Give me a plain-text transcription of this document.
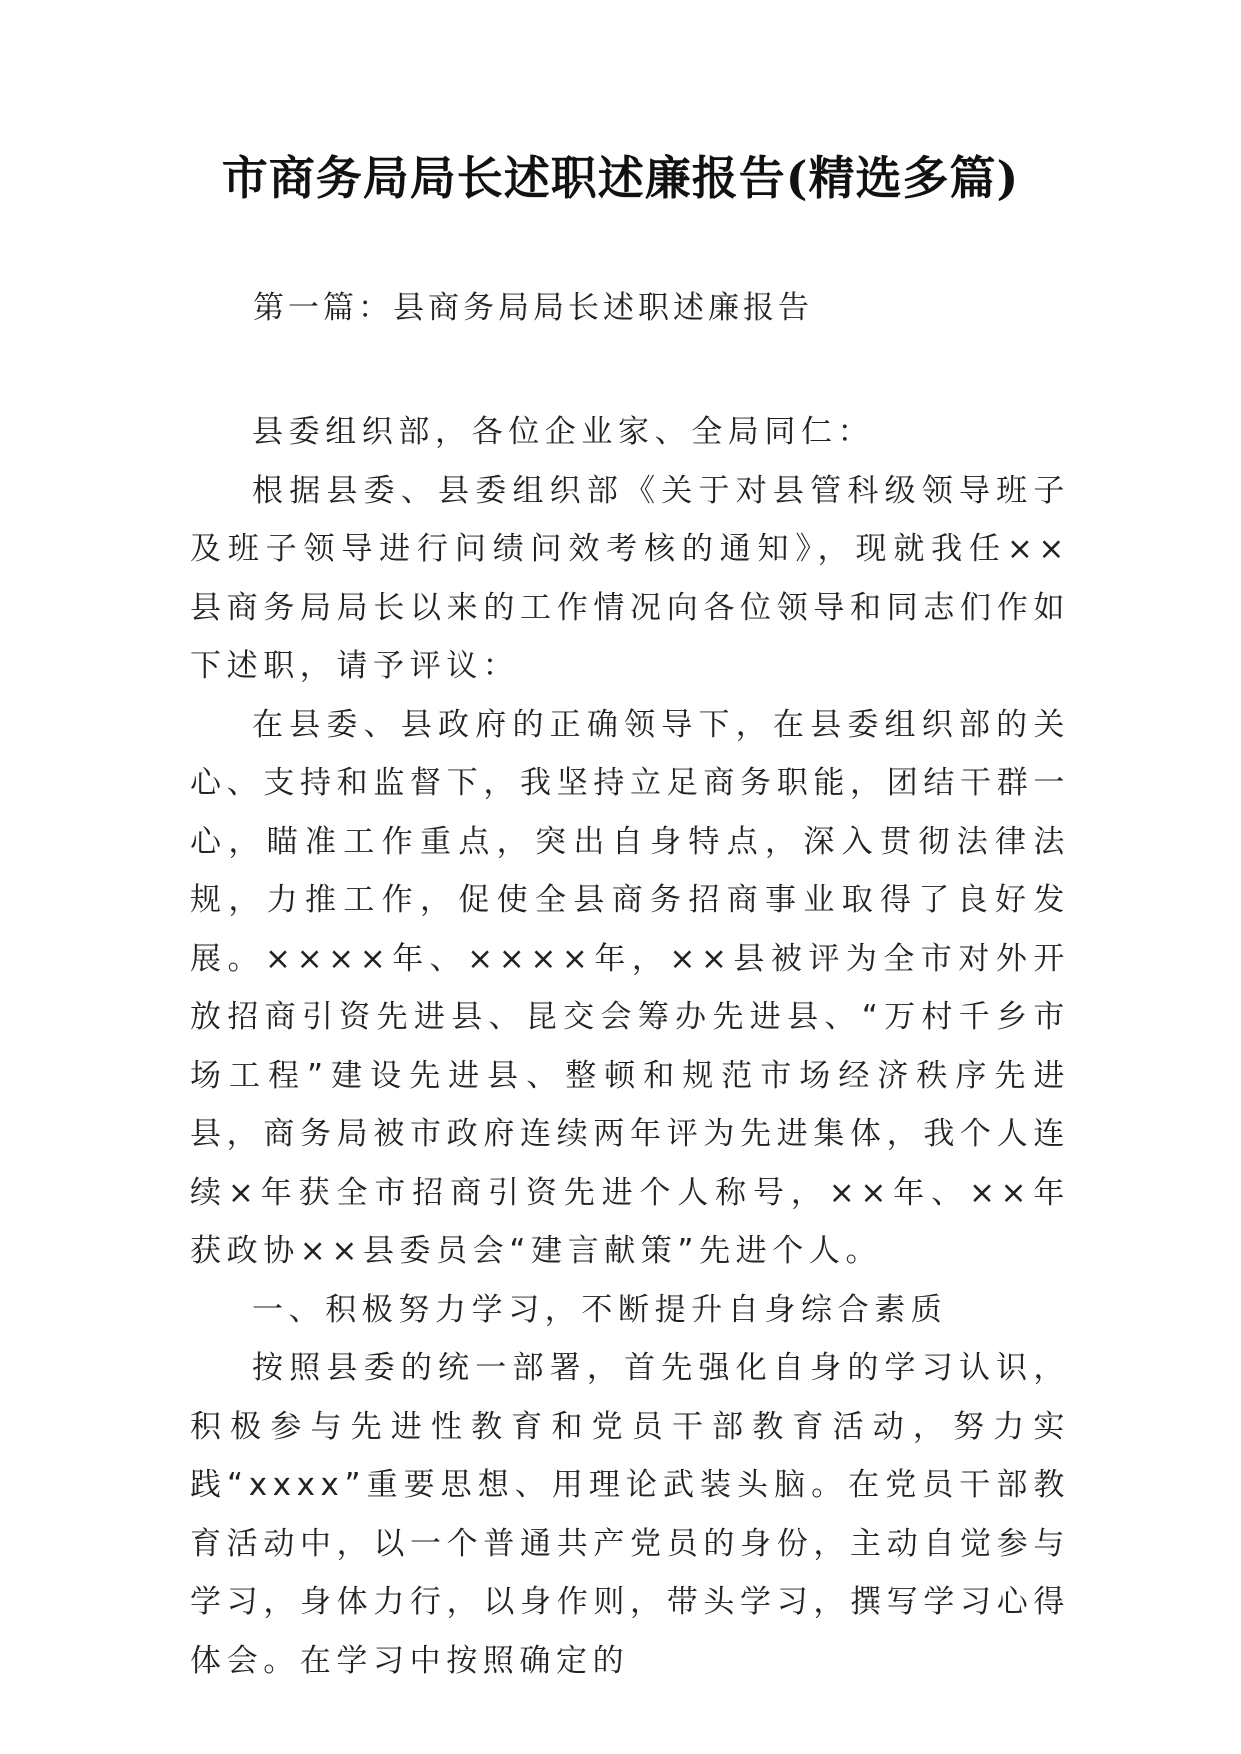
市商务局局长述职述廉报告(精选多篇)
第一篇：县商务局局长述职述廉报告

县委组织部，各位企业家、全局同仁：

根据县委、县委组织部《关于对县管科级领导班子及班子领导进行问绩问效考核的通知》，现就我任××县商务局局长以来的工作情况向各位领导和同志们作如下述职，请予评议：

在县委、县政府的正确领导下，在县委组织部的关心、支持和监督下，我坚持立足商务职能，团结干群一心，瞄准工作重点，突出自身特点，深入贯彻法律法规，力推工作，促使全县商务招商事业取得了良好发展。××××年、××××年，××县被评为全市对外开放招商引资先进县、昆交会筹办先进县、“万村千乡市场工程”建设先进县、整顿和规范市场经济秩序先进县，商务局被市政府连续两年评为先进集体，我个人连续×年获全市招商引资先进个人称号，××年、××年获政协××县委员会“建言献策”先进个人。

一、积极努力学习，不断提升自身综合素质

按照县委的统一部署，首先强化自身的学习认识，积极参与先进性教育和党员干部教育活动，努力实践“xxxx”重要思想、用理论武装头脑。在党员干部教育活动中，以一个普通共产党员的身份，主动自觉参与学习，身体力行，以身作则，带头学习，撰写学习心得体会。在学习中按照确定的
